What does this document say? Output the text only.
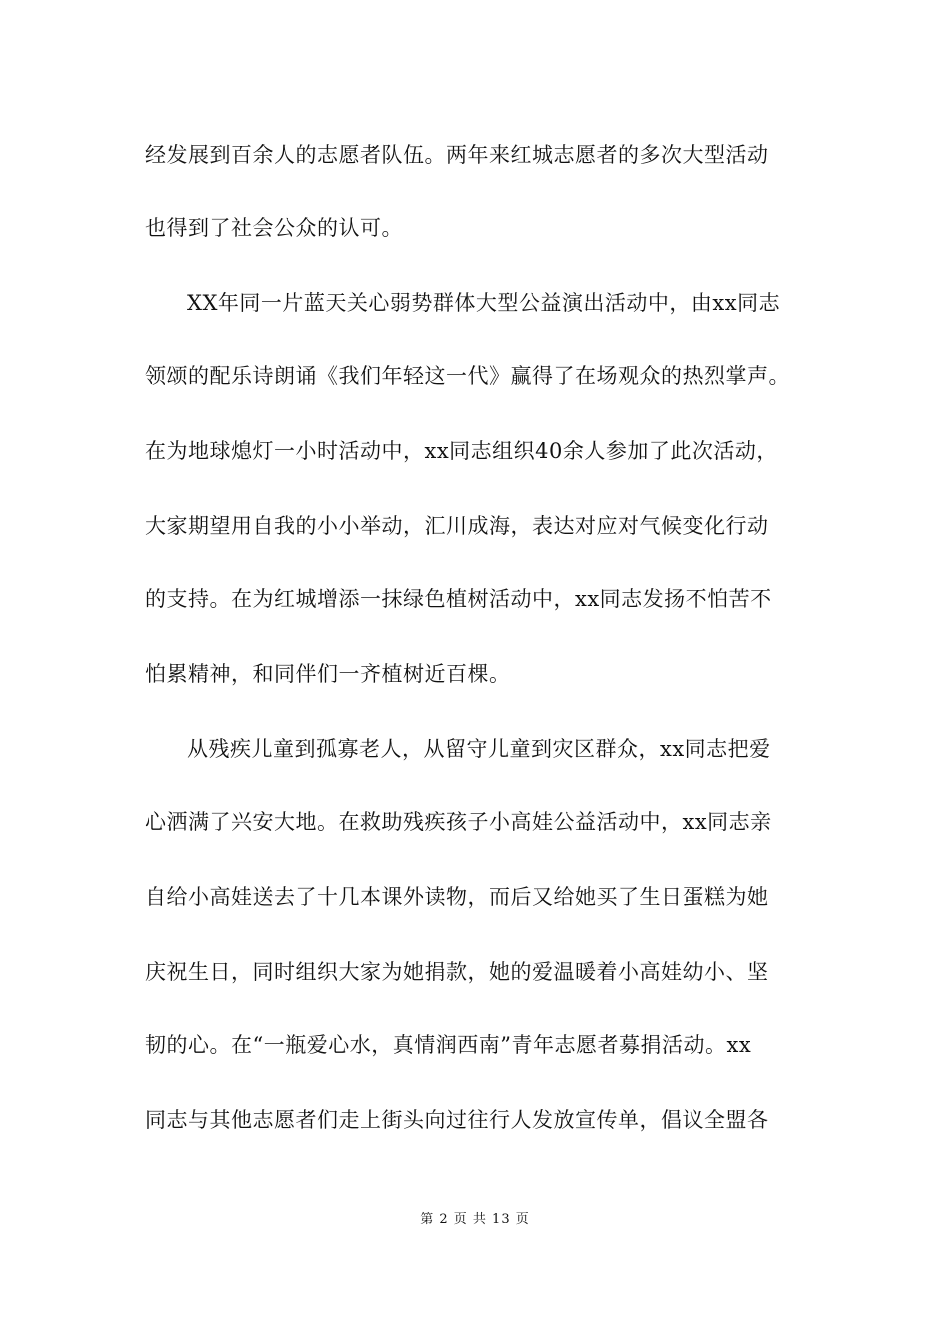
经发展到百余人的志愿者队伍。两年来红城志愿者的多次大型活动
也得到了社会公众的认可。
XX年同一片蓝天关心弱势群体大型公益演出活动中，由xx同志
领颂的配乐诗朗诵《我们年轻这一代》赢得了在场观众的热烈掌声。
在为地球熄灯一小时活动中，xx同志组织40余人参加了此次活动，
大家期望用自我的小小举动，汇川成海，表达对应对气候变化行动
的支持。在为红城增添一抹绿色植树活动中，xx同志发扬不怕苦不
怕累精神，和同伴们一齐植树近百棵。
从残疾儿童到孤寡老人，从留守儿童到灾区群众，xx同志把爱
心洒满了兴安大地。在救助残疾孩子小高娃公益活动中，xx同志亲
自给小高娃送去了十几本课外读物，而后又给她买了生日蛋糕为她
庆祝生日，同时组织大家为她捐款，她的爱温暖着小高娃幼小、坚
韧的心。在“一瓶爱心水，真情润西南”青年志愿者募捐活动。xx
同志与其他志愿者们走上街头向过往行人发放宣传单，倡议全盟各
第 2 页 共 13 页
